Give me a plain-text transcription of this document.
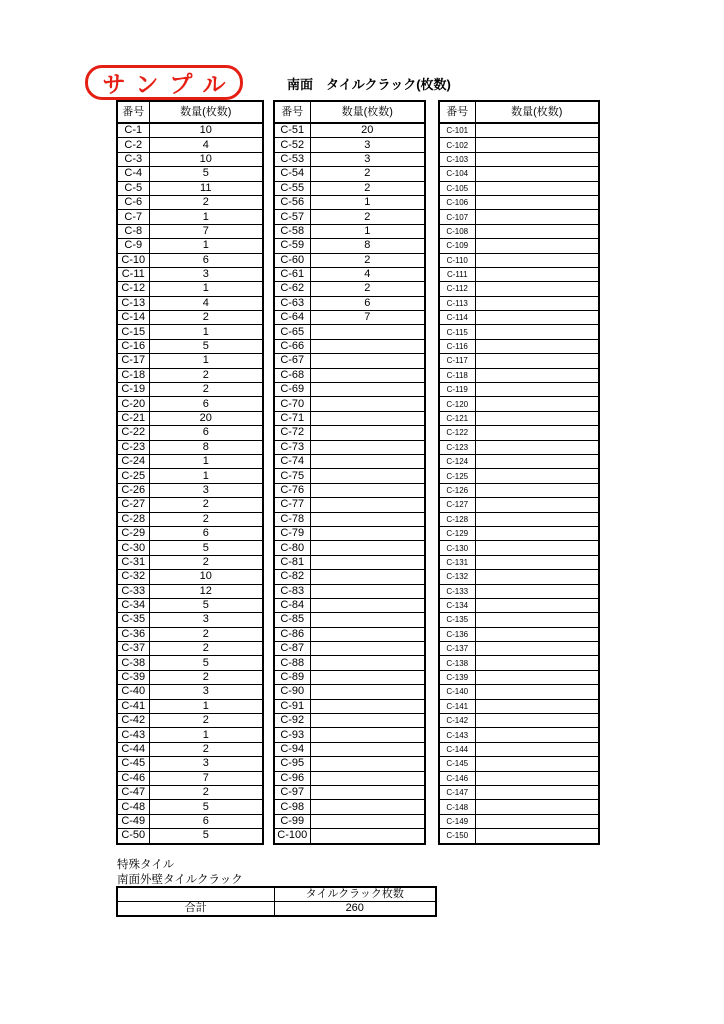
サンプル	南面　タイルクラック(枚数)
番号	数量(枚数)
C-1	10
C-2	4
C-3	10
C-4	5
C-5	11
C-6	2
C-7	1
C-8	7
C-9	1
C-10	6
C-11	3
C-12	1
C-13	4
C-14	2
C-15	1
C-16	5
C-17	1
C-18	2
C-19	2
C-20	6
C-21	20
C-22	6
C-23	8
C-24	1
C-25	1
C-26	3
C-27	2
C-28	2
C-29	6
C-30	5
C-31	2
C-32	10
C-33	12
C-34	5
C-35	3
C-36	2
C-37	2
C-38	5
C-39	2
C-40	3
C-41	1
C-42	2
C-43	1
C-44	2
C-45	3
C-46	7
C-47	2
C-48	5
C-49	6
C-50	5
番号	数量(枚数)
C-51	20
C-52	3
C-53	3
C-54	2
C-55	2
C-56	1
C-57	2
C-58	1
C-59	8
C-60	2
C-61	4
C-62	2
C-63	6
C-64	7
C-65	
C-66	
C-67	
C-68	
C-69	
C-70	
C-71	
C-72	
C-73	
C-74	
C-75	
C-76	
C-77	
C-78	
C-79	
C-80	
C-81	
C-82	
C-83	
C-84	
C-85	
C-86	
C-87	
C-88	
C-89	
C-90	
C-91	
C-92	
C-93	
C-94	
C-95	
C-96	
C-97	
C-98	
C-99	
C-100	
番号	数量(枚数)
C-101	
C-102	
C-103	
C-104	
C-105	
C-106	
C-107	
C-108	
C-109	
C-110	
C-111	
C-112	
C-113	
C-114	
C-115	
C-116	
C-117	
C-118	
C-119	
C-120	
C-121	
C-122	
C-123	
C-124	
C-125	
C-126	
C-127	
C-128	
C-129	
C-130	
C-131	
C-132	
C-133	
C-134	
C-135	
C-136	
C-137	
C-138	
C-139	
C-140	
C-141	
C-142	
C-143	
C-144	
C-145	
C-146	
C-147	
C-148	
C-149	
C-150	
特殊タイル
南面外壁タイルクラック
	タイルクラック枚数
合計	260
